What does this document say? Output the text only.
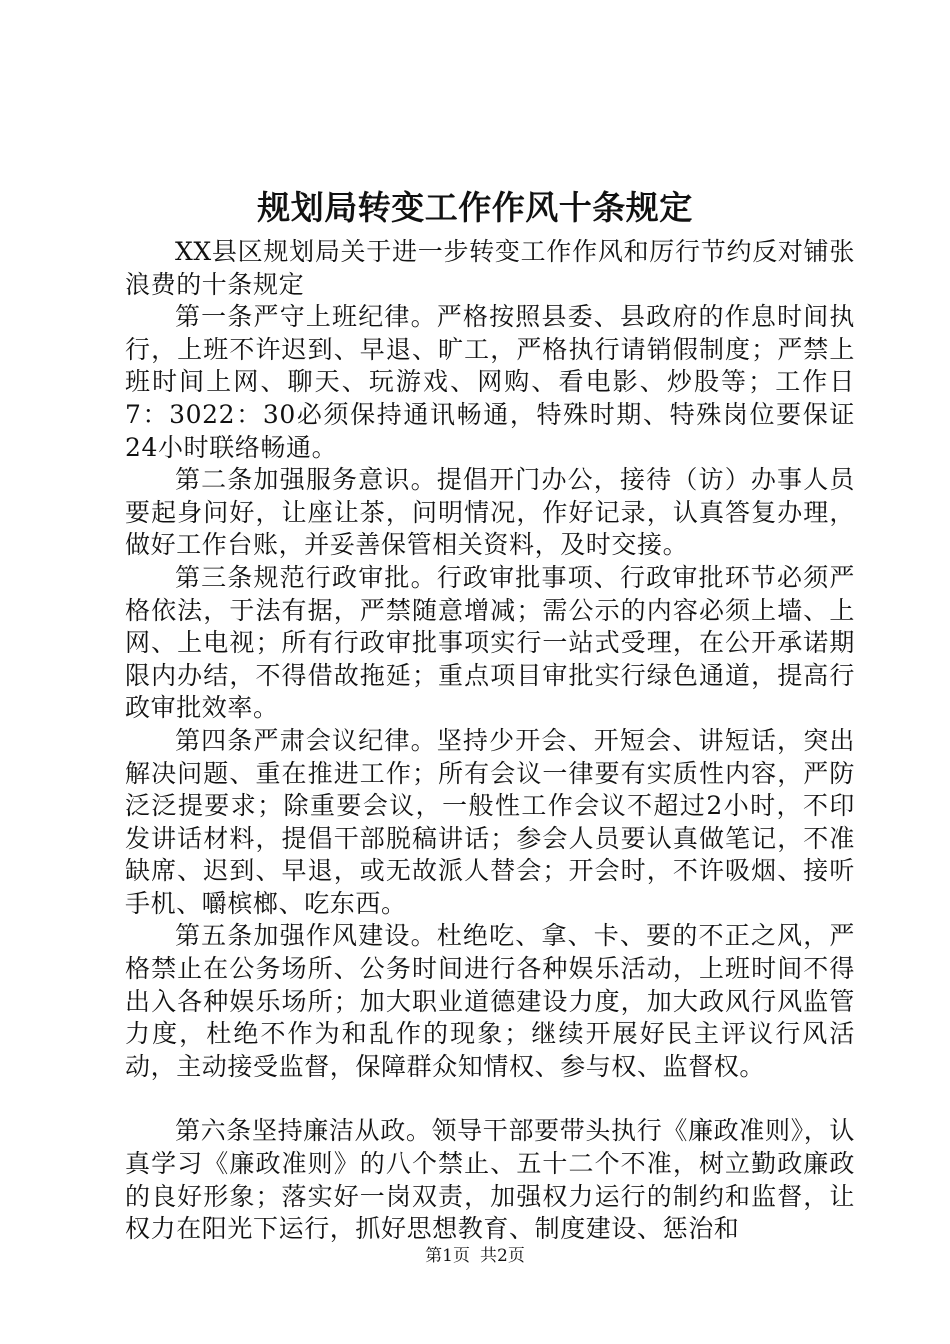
规划局转变工作作风十条规定

XX县区规划局关于进一步转变工作作风和厉行节约反对铺张浪费的十条规定

第一条严守上班纪律。严格按照县委、县政府的作息时间执行，上班不许迟到、早退、旷工，严格执行请销假制度；严禁上班时间上网、聊天、玩游戏、网购、看电影、炒股等；工作日7：3022：30必须保持通讯畅通，特殊时期、特殊岗位要保证24小时联络畅通。

第二条加强服务意识。提倡开门办公，接待（访）办事人员要起身问好，让座让茶，问明情况，作好记录，认真答复办理，做好工作台账，并妥善保管相关资料，及时交接。

第三条规范行政审批。行政审批事项、行政审批环节必须严格依法，于法有据，严禁随意增减；需公示的内容必须上墙、上网、上电视；所有行政审批事项实行一站式受理，在公开承诺期限内办结，不得借故拖延；重点项目审批实行绿色通道，提高行政审批效率。

第四条严肃会议纪律。坚持少开会、开短会、讲短话，突出解决问题、重在推进工作；所有会议一律要有实质性内容，严防泛泛提要求；除重要会议，一般性工作会议不超过2小时，不印发讲话材料，提倡干部脱稿讲话；参会人员要认真做笔记，不准缺席、迟到、早退，或无故派人替会；开会时，不许吸烟、接听手机、嚼槟榔、吃东西。

第五条加强作风建设。杜绝吃、拿、卡、要的不正之风，严格禁止在公务场所、公务时间进行各种娱乐活动，上班时间不得出入各种娱乐场所；加大职业道德建设力度，加大政风行风监管力度，杜绝不作为和乱作的现象；继续开展好民主评议行风活动，主动接受监督，保障群众知情权、参与权、监督权。

第六条坚持廉洁从政。领导干部要带头执行《廉政准则》，认真学习《廉政准则》的八个禁止、五十二个不准，树立勤政廉政的良好形象；落实好一岗双责，加强权力运行的制约和监督，让权力在阳光下运行，抓好思想教育、制度建设、惩治和

第1页 共2页
